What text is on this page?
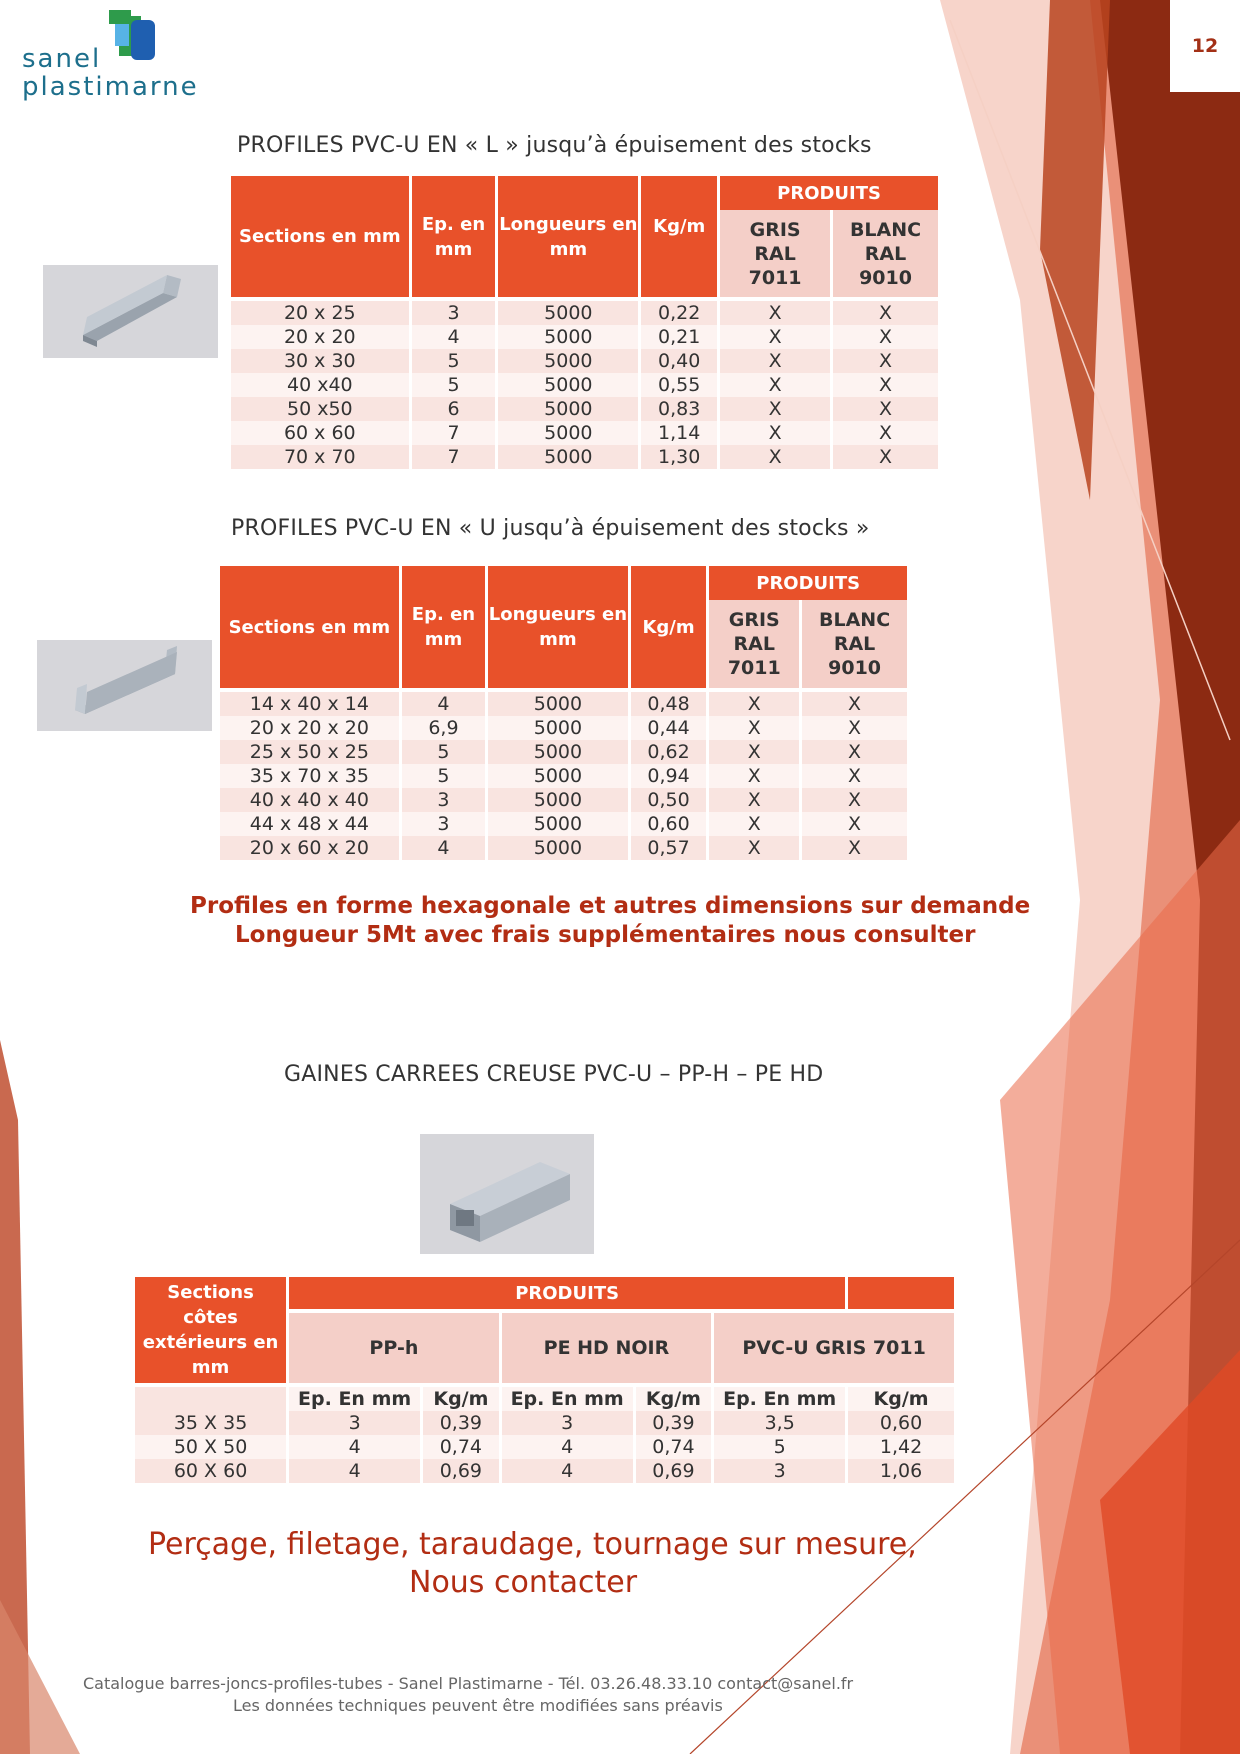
sanel
plastimarne
12
PROFILES PVC-U EN « L » jusqu’à épuisement des stocks
Sections en mm	Ep. en mm	Longueurs en mm	Kg/m	PRODUITS	
				GRIS RAL 7011	BLANC RAL 9010

20 x 25	3	5000	0,22	X	X
20 x 20	4	5000	0,21	X	X
30 x 30	5	5000	0,40	X	X
40 x40	5	5000	0,55	X	X
50 x50	6	5000	0,83	X	X
60 x 60	7	5000	1,14	X	X
70 x 70	7	5000	1,30	X	X
PROFILES PVC-U EN « U jusqu’à épuisement des stocks »
Sections en mm	Ep. en mm	Longueurs en mm	Kg/m	PRODUITS	
				GRIS RAL 7011	BLANC RAL 9010

14 x 40 x 14	4	5000	0,48	X	X
20 x 20 x 20	6,9	5000	0,44	X	X
25 x 50 x 25	5	5000	0,62	X	X
35 x 70 x 35	5	5000	0,94	X	X
40 x 40 x 40	3	5000	0,50	X	X
44 x 48 x 44	3	5000	0,60	X	X
20 x 60 x 20	4	5000	0,57	X	X
Profiles en forme hexagonale et autres dimensions sur demande
Longueur 5Mt avec frais supplémentaires nous consulter
GAINES CARREES CREUSE PVC-U – PP-H – PE HD
Sections côtes extérieurs en mm	PRODUITS					
	PP-h		PE HD NOIR		PVC-U GRIS 7011	
	Ep. En mm	Kg/m	Ep. En mm	Kg/m	Ep. En mm	Kg/m
35 X 35	3	0,39	3	0,39	3,5	0,60
50 X 50	4	0,74	4	0,74	5	1,42
60 X 60	4	0,69	4	0,69	3	1,06
Perçage, filetage, taraudage, tournage sur mesure,
Nous contacter
Catalogue barres-joncs-profiles-tubes - Sanel Plastimarne - Tél. 03.26.48.33.10 contact@sanel.fr
Les données techniques peuvent être modifiées sans préavis
